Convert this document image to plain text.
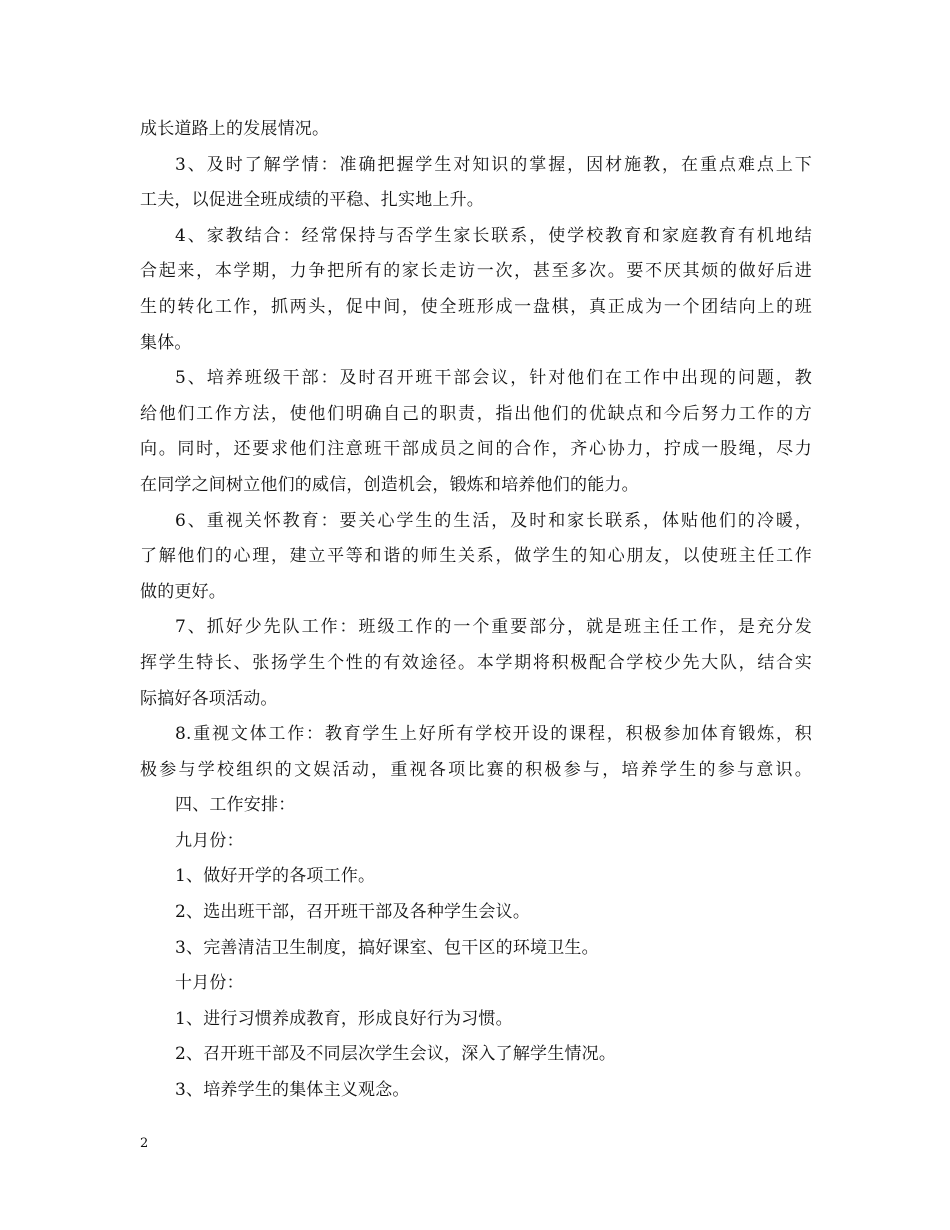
成长道路上的发展情况。
3、及时了解学情：准确把握学生对知识的掌握，因材施教，在重点难点上下
工夫，以促进全班成绩的平稳、扎实地上升。
4、家教结合：经常保持与否学生家长联系，使学校教育和家庭教育有机地结
合起来，本学期，力争把所有的家长走访一次，甚至多次。要不厌其烦的做好后进
生的转化工作，抓两头，促中间，使全班形成一盘棋，真正成为一个团结向上的班
集体。
5、培养班级干部：及时召开班干部会议，针对他们在工作中出现的问题，教
给他们工作方法，使他们明确自己的职责，指出他们的优缺点和今后努力工作的方
向。同时，还要求他们注意班干部成员之间的合作，齐心协力，拧成一股绳，尽力
在同学之间树立他们的威信，创造机会，锻炼和培养他们的能力。
6、重视关怀教育：要关心学生的生活，及时和家长联系，体贴他们的冷暖，
了解他们的心理，建立平等和谐的师生关系，做学生的知心朋友，以使班主任工作
做的更好。
7、抓好少先队工作：班级工作的一个重要部分，就是班主任工作，是充分发
挥学生特长、张扬学生个性的有效途径。本学期将积极配合学校少先大队，结合实
际搞好各项活动。
8.重视文体工作：教育学生上好所有学校开设的课程，积极参加体育锻炼，积
极参与学校组织的文娱活动，重视各项比赛的积极参与，培养学生的参与意识。
四、工作安排：
九月份：
1、做好开学的各项工作。
2、选出班干部，召开班干部及各种学生会议。
3、完善清洁卫生制度，搞好课室、包干区的环境卫生。
十月份：
1、进行习惯养成教育，形成良好行为习惯。
2、召开班干部及不同层次学生会议，深入了解学生情况。
3、培养学生的集体主义观念。
2
